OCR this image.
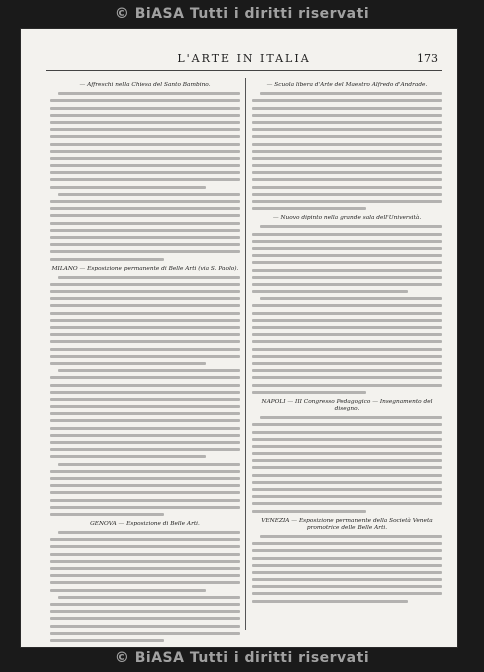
© BiASA Tutti i diritti riservati
L'ARTE IN ITALIA	173
— Affreschi nella Chiesa del Santo Bambino.
MILANO — Esposizione permanente di Belle Arti (via S. Paolo).
GENOVA — Esposizione di Belle Arti.
— Scuola libera d'Arte del Maestro Alfredo d'Andrade.
— Nuovo dipinto nella grande sala dell'Università.
NAPOLI — III Congresso Pedagogico — Insegnamento del disegno.
VENEZIA — Esposizione permanente della Società Veneta promotrice delle Belle Arti.
© BiASA Tutti i diritti riservati
